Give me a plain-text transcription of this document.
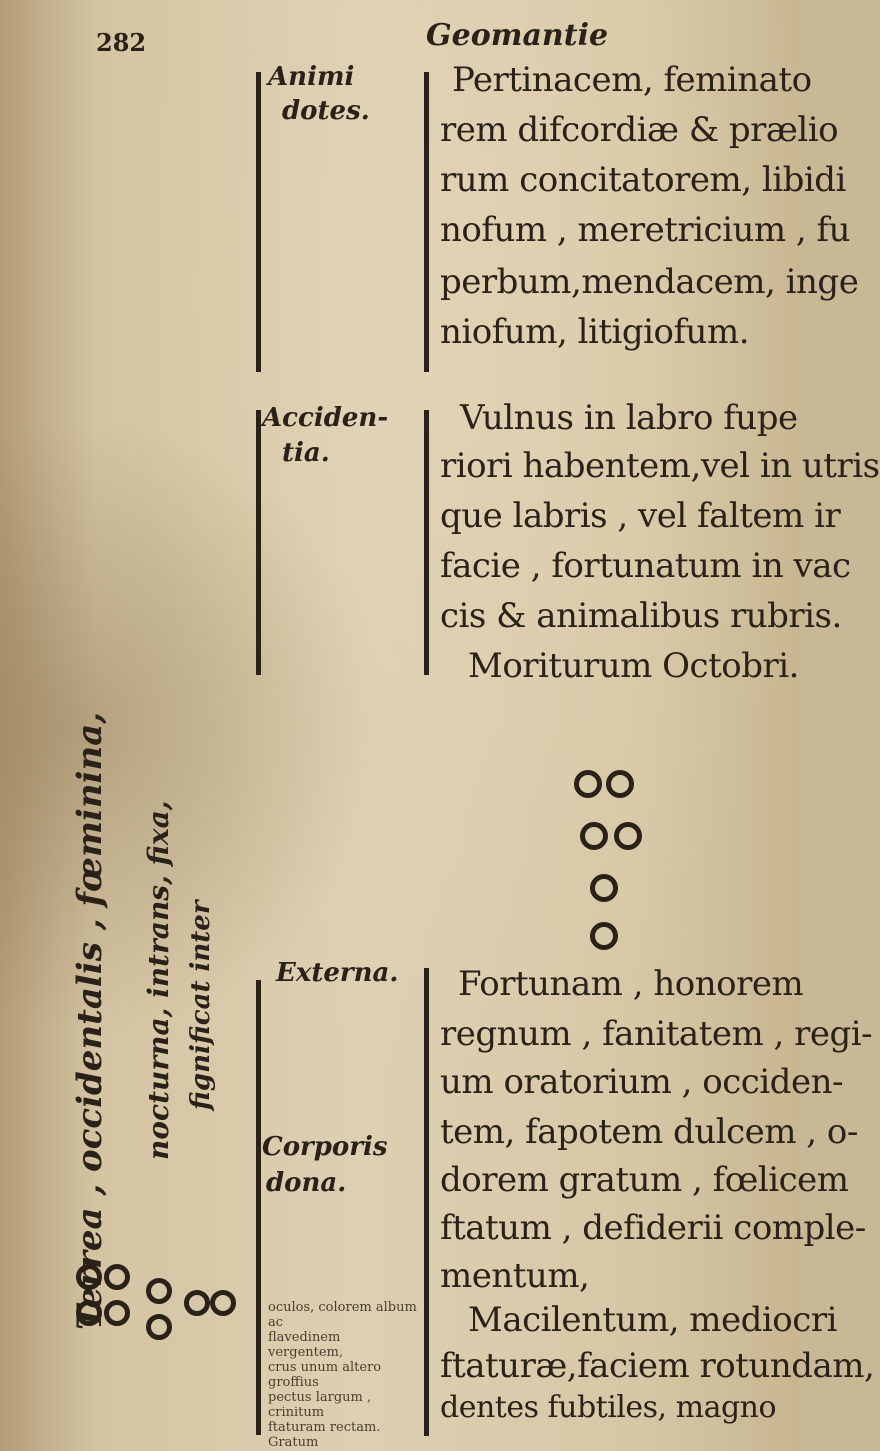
282	Geomantie
Animi
dotes.
Acciden-
tia.
Pertinacem, feminato
rem difcordiæ & prælio
rum concitatorem, libidi
nofum , meretricium , fu
perbum,mendacem, inge
niofum, litigiofum.
Vulnus in labro fupe
riori habentem,vel in utris
que labris , vel faltem ir
facie , fortunatum in vac
cis & animalibus rubris.
Moriturum Octobri.
Externa.
Corporis
dona.
Fortunam , honorem
regnum , fanitatem , regi-
um oratorium , occiden-
tem, fapotem dulcem , o-
dorem gratum , fœlicem
ftatum , defiderii comple-
mentum,
Macilentum, mediocri
ftaturæ,faciem rotundam,
dentes fubtiles, magno
oculos, colorem album ac
flavedinem vergentem,
crus unum altero groffius
pectus largum , crinitum
ftaturam rectam.
Gratum
Terrea , occidentalis , fœminina, nocturna, intrans, fixa, fignificat inter
